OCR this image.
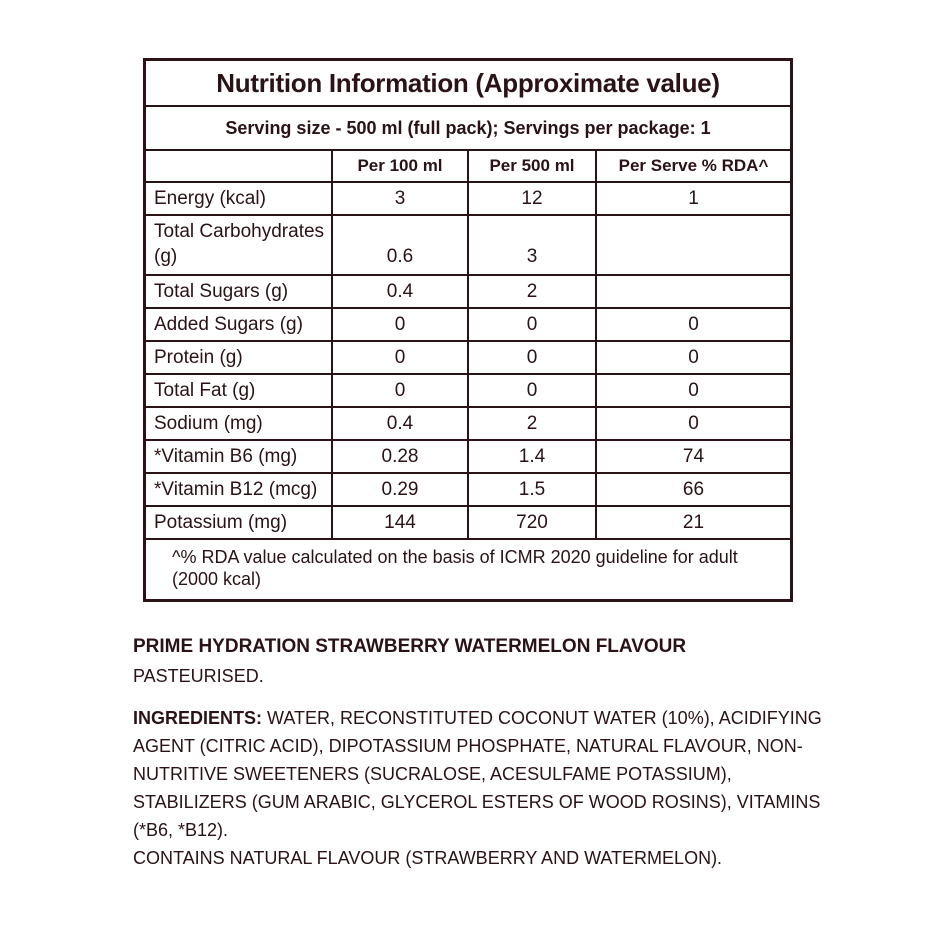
Nutrition Information (Approximate value)
Serving size - 500 ml (full pack); Servings per package: 1
	Per 100 ml	Per 500 ml	Per Serve % RDA^
Energy (kcal)	3	12	1
Total Carbohydrates (g)	0.6	3	
Total Sugars (g)	0.4	2	
Added Sugars (g)	0	0	0
Protein (g)	0	0	0
Total Fat (g)	0	0	0
Sodium (mg)	0.4	2	0
*Vitamin B6 (mg)	0.28	1.4	74
*Vitamin B12 (mcg)	0.29	1.5	66
Potassium (mg)	144	720	21
^% RDA value calculated on the basis of ICMR 2020 guideline for adult (2000 kcal)
PRIME HYDRATION STRAWBERRY WATERMELON FLAVOUR
PASTEURISED.
INGREDIENTS: WATER, RECONSTITUTED COCONUT WATER (10%), ACIDIFYING AGENT (CITRIC ACID), DIPOTASSIUM PHOSPHATE, NATURAL FLAVOUR, NON-NUTRITIVE SWEETENERS (SUCRALOSE, ACESULFAME POTASSIUM), STABILIZERS (GUM ARABIC, GLYCEROL ESTERS OF WOOD ROSINS), VITAMINS (*B6, *B12).
CONTAINS NATURAL FLAVOUR (STRAWBERRY AND WATERMELON).
